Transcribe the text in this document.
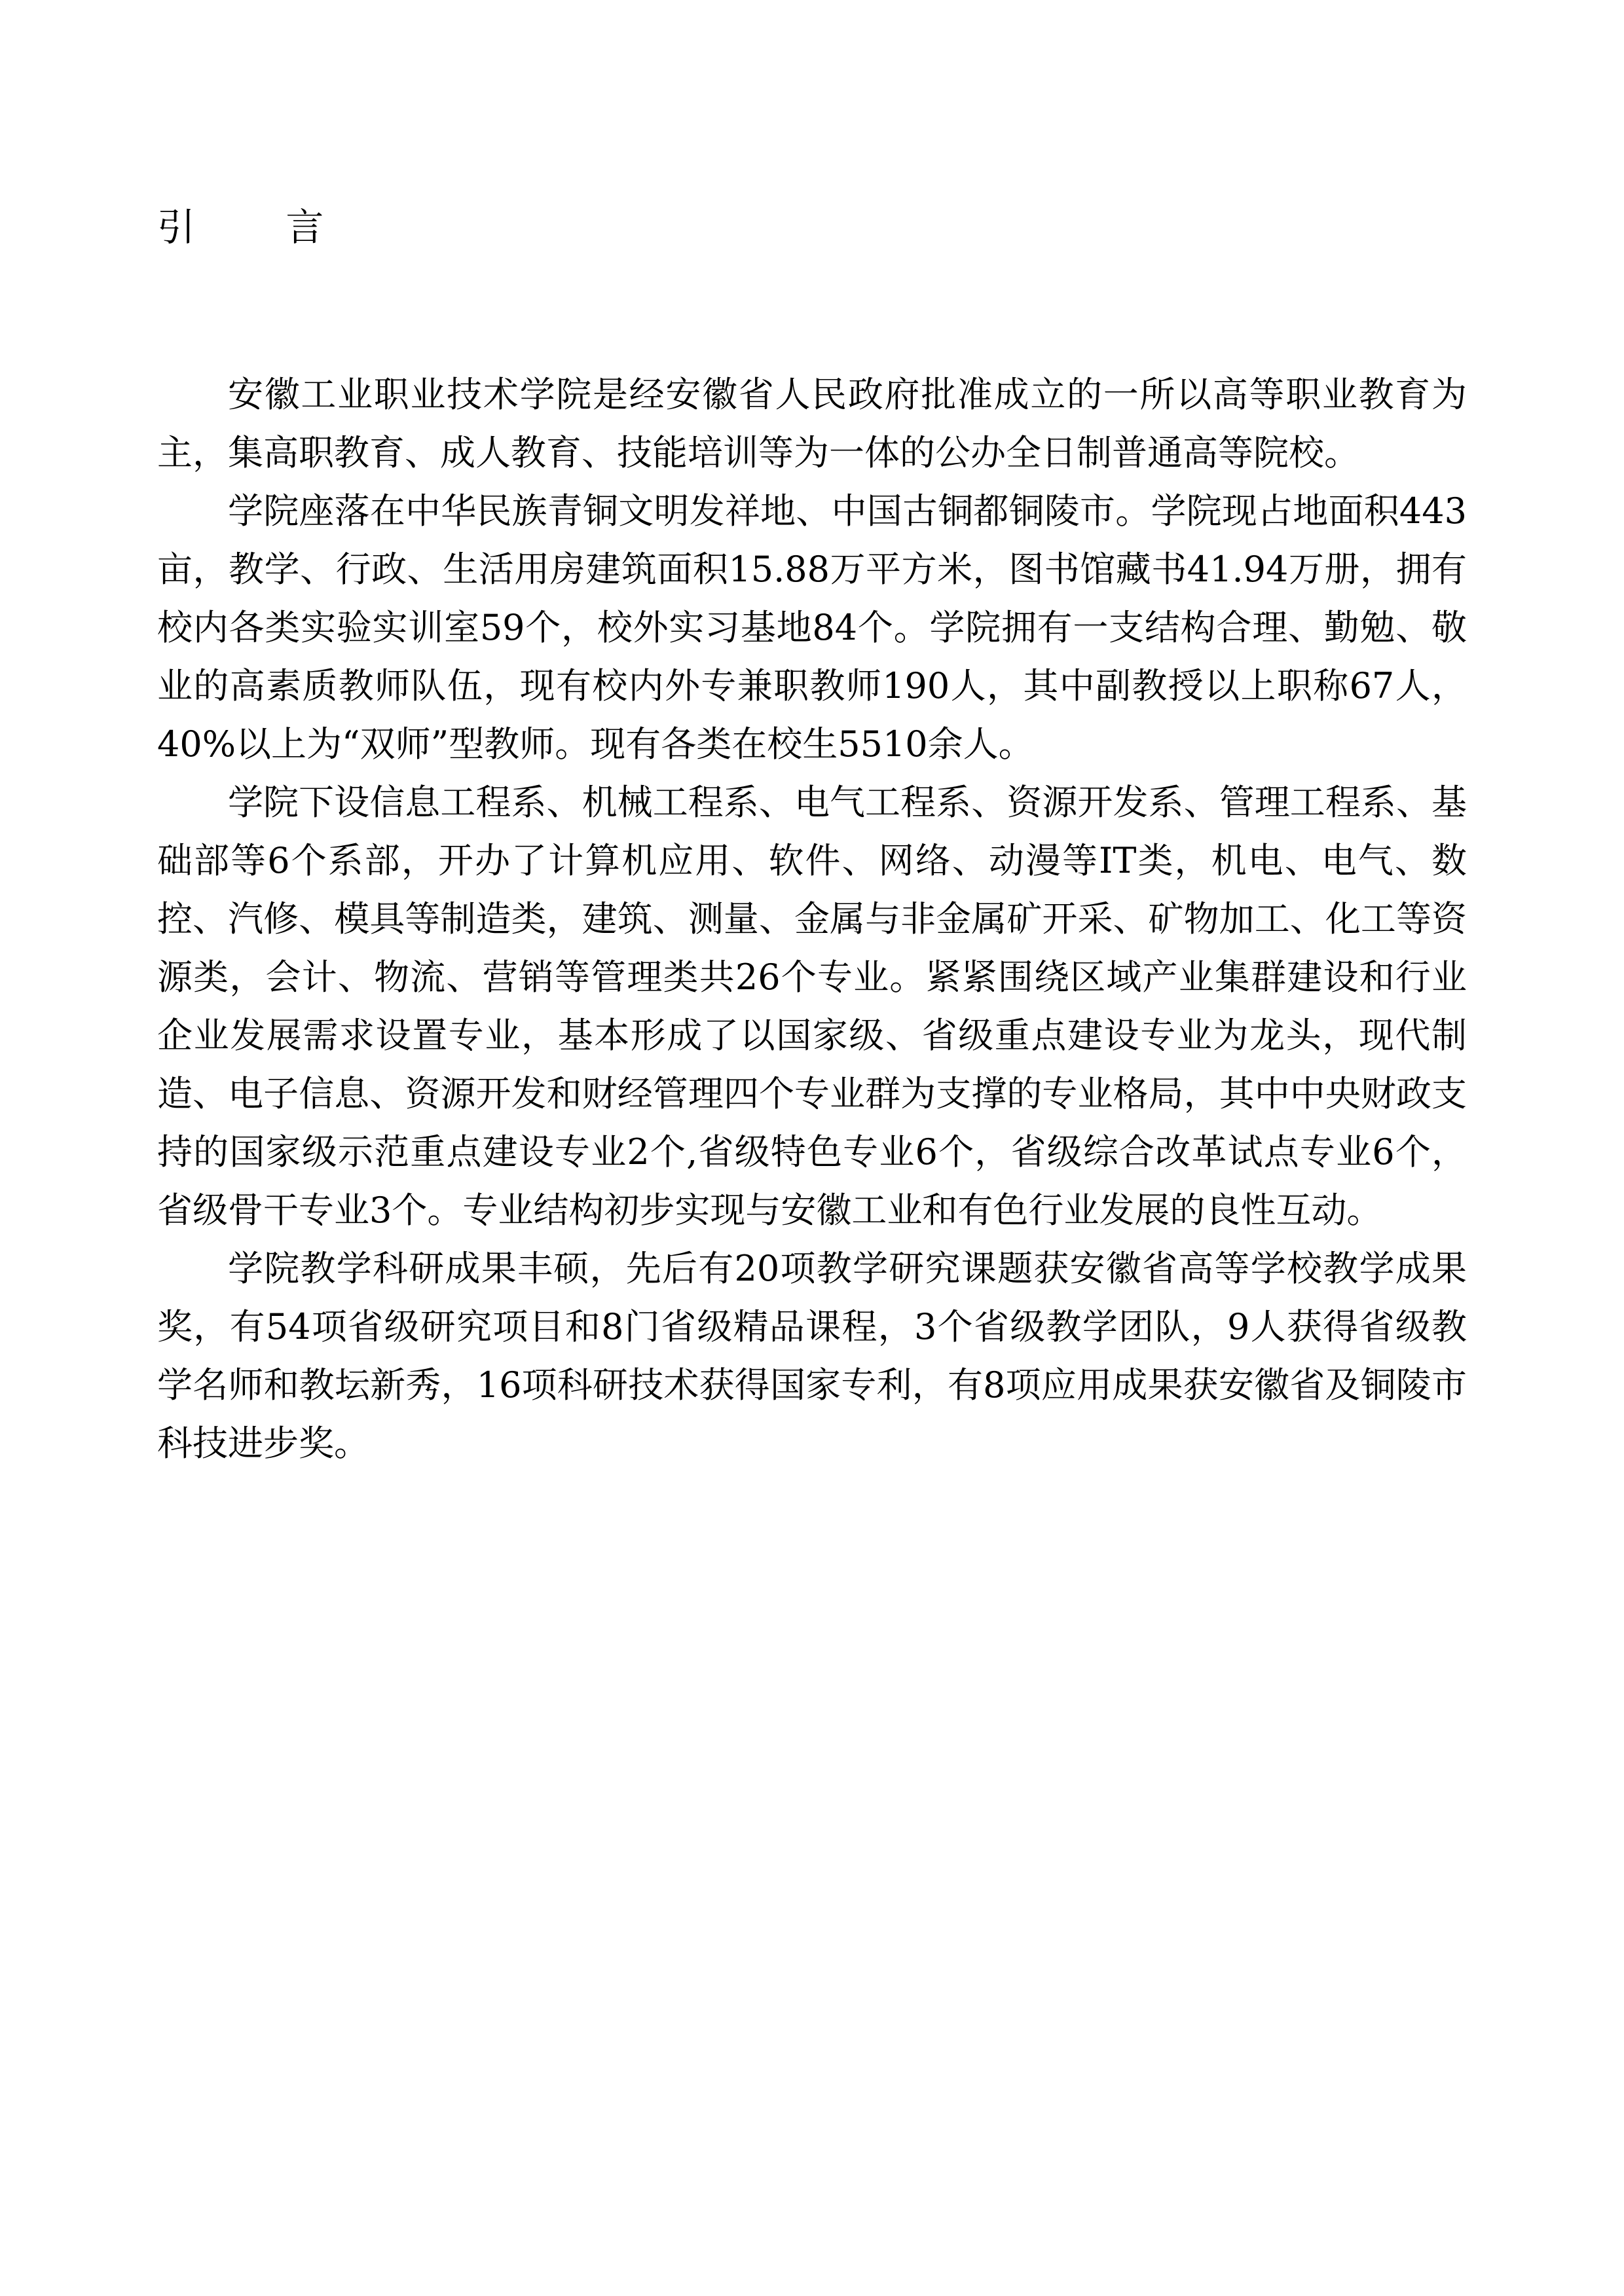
引 言

安徽工业职业技术学院是经安徽省人民政府批准成立的一所以高等职业教育为主，集高职教育、成人教育、技能培训等为一体的公办全日制普通高等院校。

学院座落在中华民族青铜文明发祥地、中国古铜都铜陵市。学院现占地面积443亩，教学、行政、生活用房建筑面积15.88万平方米，图书馆藏书41.94万册，拥有校内各类实验实训室59个，校外实习基地84个。学院拥有一支结构合理、勤勉、敬业的高素质教师队伍，现有校内外专兼职教师190人，其中副教授以上职称67人，40%以上为“双师”型教师。现有各类在校生5510余人。

学院下设信息工程系、机械工程系、电气工程系、资源开发系、管理工程系、基础部等6个系部，开办了计算机应用、软件、网络、动漫等IT类，机电、电气、数控、汽修、模具等制造类，建筑、测量、金属与非金属矿开采、矿物加工、化工等资源类，会计、物流、营销等管理类共26个专业。紧紧围绕区域产业集群建设和行业企业发展需求设置专业，基本形成了以国家级、省级重点建设专业为龙头，现代制造、电子信息、资源开发和财经管理四个专业群为支撑的专业格局，其中中央财政支持的国家级示范重点建设专业2个,省级特色专业6个，省级综合改革试点专业6个，省级骨干专业3个。专业结构初步实现与安徽工业和有色行业发展的良性互动。

学院教学科研成果丰硕，先后有20项教学研究课题获安徽省高等学校教学成果奖，有54项省级研究项目和8门省级精品课程，3个省级教学团队，9人获得省级教学名师和教坛新秀，16项科研技术获得国家专利，有8项应用成果获安徽省及铜陵市科技进步奖。
